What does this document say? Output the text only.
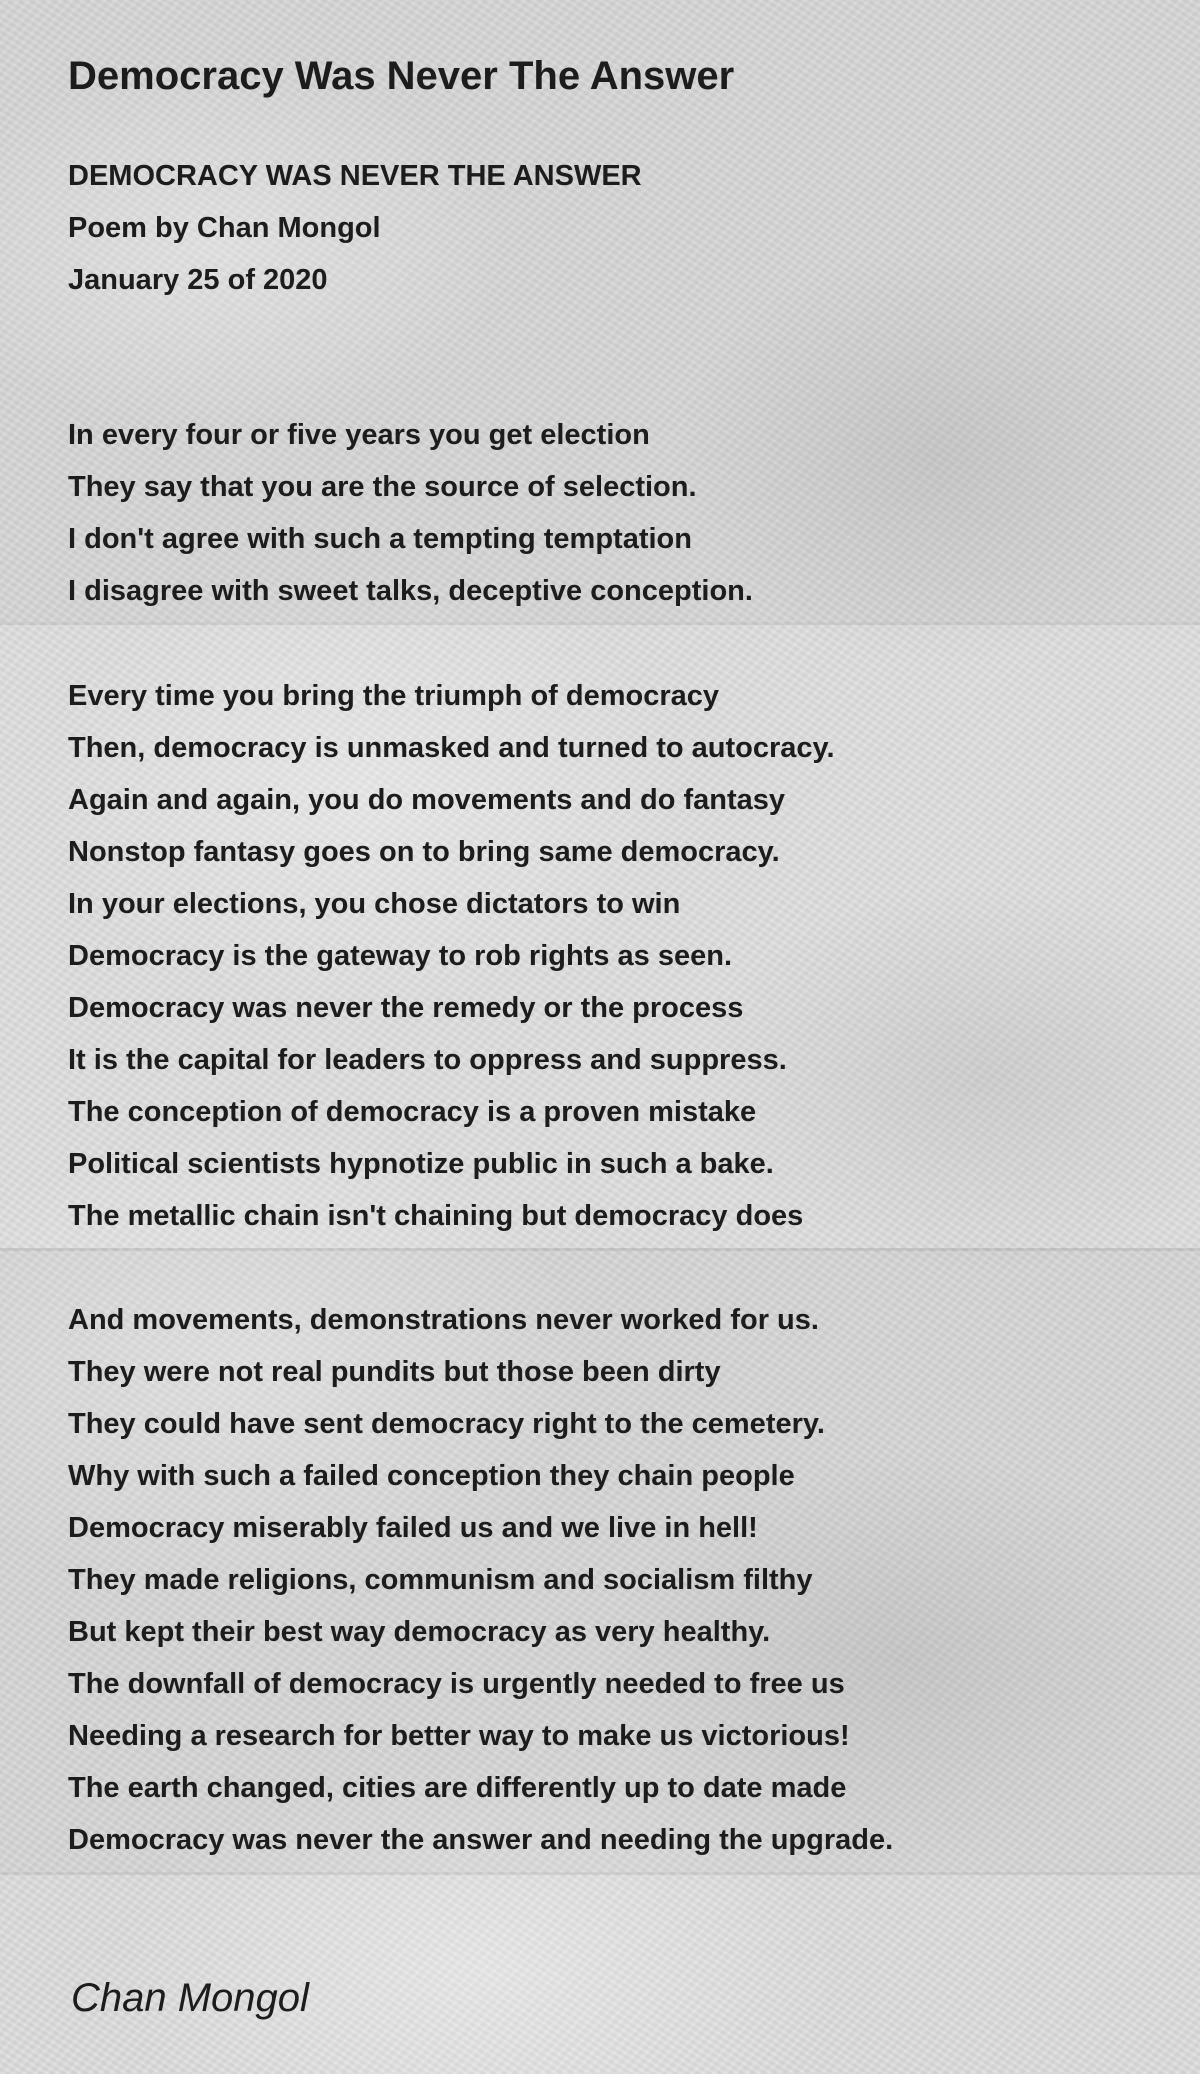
Democracy Was Never The Answer
DEMOCRACY WAS NEVER THE ANSWER
Poem by Chan Mongol
January 25 of 2020
In every four or five years you get election
They say that you are the source of selection.
I don't agree with such a tempting temptation
I disagree with sweet talks, deceptive conception.
Every time you bring the triumph of democracy
Then, democracy is unmasked and turned to autocracy.
Again and again, you do movements and do fantasy
Nonstop fantasy goes on to bring same democracy.
In your elections, you chose dictators to win
Democracy is the gateway to rob rights as seen.
Democracy was never the remedy or the process
It is the capital for leaders to oppress and suppress.
The conception of democracy is a proven mistake
Political scientists hypnotize public in such a bake.
The metallic chain isn't chaining but democracy does
And movements, demonstrations never worked for us.
They were not real pundits but those been dirty
They could have sent democracy right to the cemetery.
Why with such a failed conception they chain people
Democracy miserably failed us and we live in hell!
They made religions, communism and socialism filthy
But kept their best way democracy as very healthy.
The downfall of democracy is urgently needed to free us
Needing a research for better way to make us victorious!
The earth changed, cities are differently up to date made
Democracy was never the answer and needing the upgrade.
Chan Mongol
